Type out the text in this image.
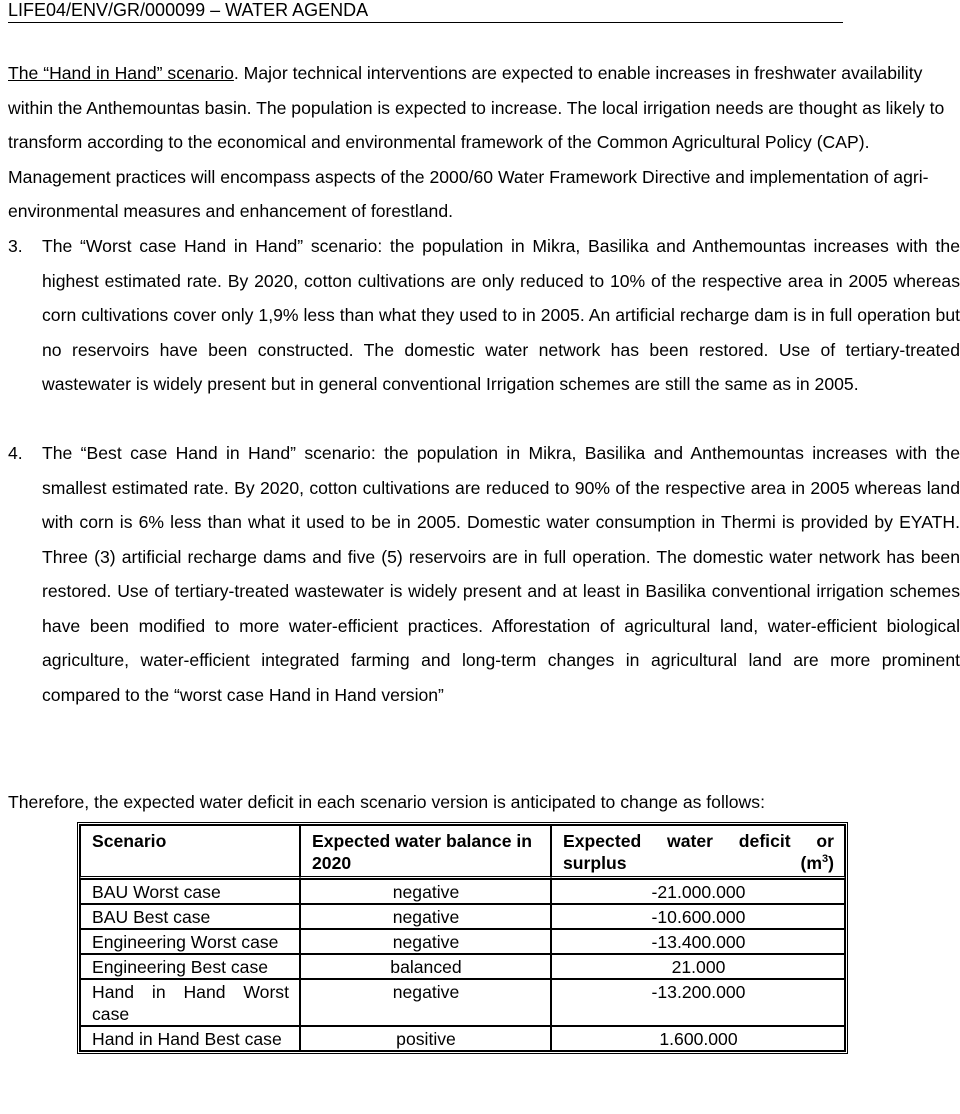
LIFE04/ENV/GR/000099 – WATER AGENDA
The “Hand in Hand” scenario. Major technical interventions are expected to enable increases in freshwater availability within the Anthemountas basin. The population is expected to increase. The local irrigation needs are thought as likely to transform according to the economical and environmental framework of the Common Agricultural Policy (CAP). Management practices will encompass aspects of the 2000/60 Water Framework Directive and implementation of agri-environmental measures and enhancement of forestland.
3.	The “Worst case Hand in Hand” scenario: the population in Mikra, Basilika and Anthemountas increases with the highest estimated rate. By 2020, cotton cultivations are only reduced to 10% of the respective area in 2005 whereas corn cultivations cover only 1,9% less than what they used to in 2005. An artificial recharge dam is in full operation but no reservoirs have been constructed. The domestic water network has been restored. Use of tertiary-treated wastewater is widely present but in general conventional Irrigation schemes are still the same as in 2005.
4.	The “Best case Hand in Hand” scenario: the population in Mikra, Basilika and Anthemountas increases with the smallest estimated rate. By 2020, cotton cultivations are reduced to 90% of the respective area in 2005 whereas land with corn is 6% less than what it used to be in 2005. Domestic water consumption in Thermi is provided by EYATH. Three (3) artificial recharge dams and five (5) reservoirs are in full operation. The domestic water network has been restored. Use of tertiary-treated wastewater is widely present and at least in Basilika conventional irrigation schemes have been modified to more water-efficient practices. Afforestation of agricultural land, water-efficient biological agriculture, water-efficient integrated farming and long-term changes in agricultural land are more prominent compared to the “worst case Hand in Hand version”
Therefore, the expected water deficit in each scenario version is anticipated to change as follows:
Scenario	Expected water balance in 2020	Expected water deficit or surplus $(m^3)$
BAU Worst case	negative	-21.000.000
BAU Best case	negative	-10.600.000
Engineering Worst case	negative	-13.400.000
Engineering Best case	balanced	21.000
Hand in Hand Worst case	negative	-13.200.000
Hand in Hand Best case	positive	1.600.000
